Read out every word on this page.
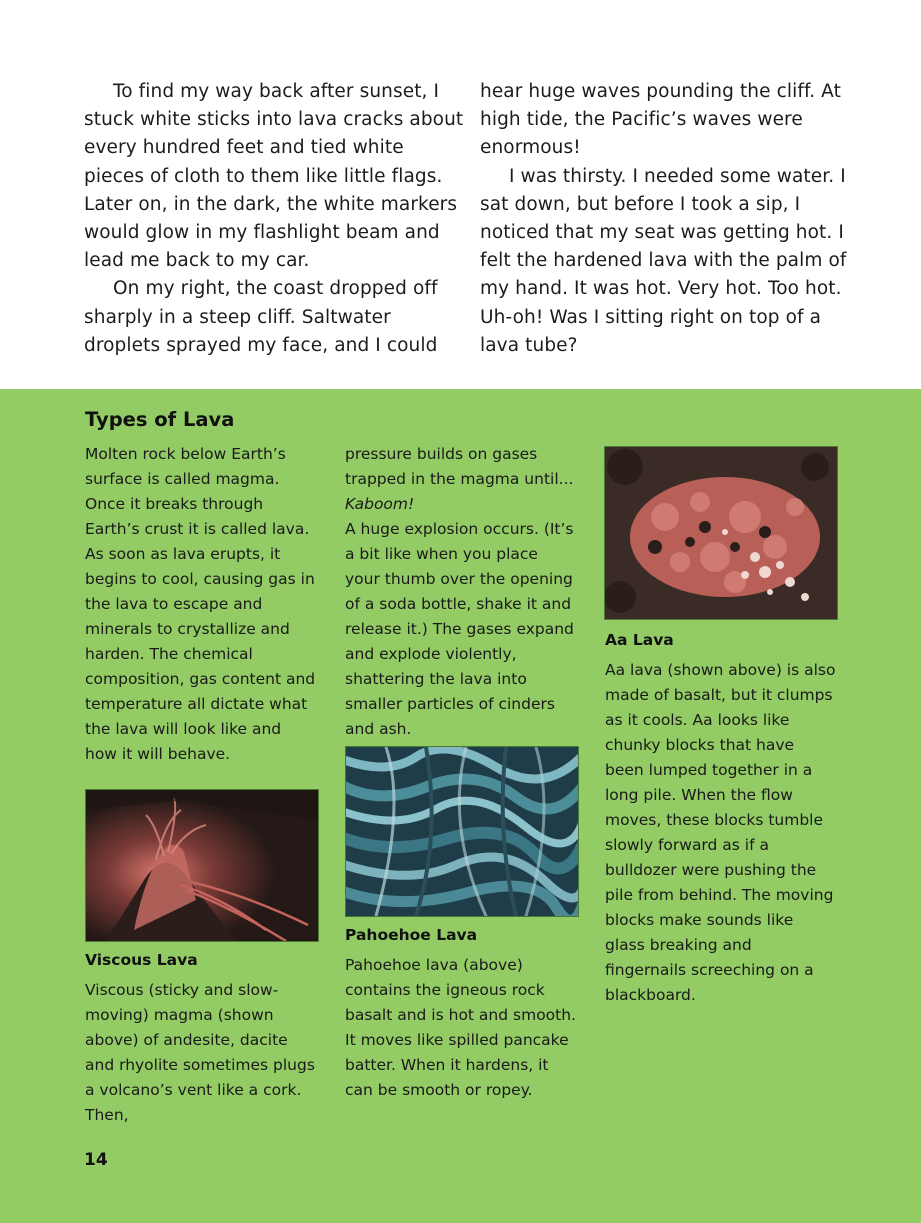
To find my way back after sunset, I stuck white sticks into lava cracks about every hundred feet and tied white pieces of cloth to them like little flags. Later on, in the dark, the white markers would glow in my flashlight beam and lead me back to my car.

On my right, the coast dropped off sharply in a steep cliff. Saltwater droplets sprayed my face, and I could

hear huge waves pounding the cliff. At high tide, the Pacific’s waves were enormous!

I was thirsty. I needed some water. I sat down, but before I took a sip, I noticed that my seat was getting hot. I felt the hardened lava with the palm of my hand. It was hot. Very hot. Too hot. Uh-oh! Was I sitting right on top of a lava tube?

Types of Lava

Molten rock below Earth’s surface is called magma. Once it breaks through Earth’s crust it is called lava. As soon as lava erupts, it begins to cool, causing gas in the lava to escape and minerals to crystallize and harden. The chemical composition, gas content and temperature all dictate what the lava will look like and how it will behave.

Viscous Lava

Viscous (sticky and slow-moving) magma (shown above) of andesite, dacite and rhyolite sometimes plugs a volcano’s vent like a cork. Then,

pressure builds on gases trapped in the magma until... Kaboom!
A huge explosion occurs. (It’s a bit like when you place your thumb over the opening of a soda bottle, shake it and release it.) The gases expand and explode violently, shattering the lava into smaller particles of cinders and ash.

Pahoehoe Lava

Pahoehoe lava (above) contains the igneous rock basalt and is hot and smooth. It moves like spilled pancake batter. When it hardens, it can be smooth or ropey.

Aa Lava

Aa lava (shown above) is also made of basalt, but it clumps as it cools. Aa looks like chunky blocks that have been lumped together in a long pile. When the flow moves, these blocks tumble slowly forward as if a bulldozer were pushing the pile from behind. The moving blocks make sounds like glass breaking and fingernails screeching on a blackboard.

14
